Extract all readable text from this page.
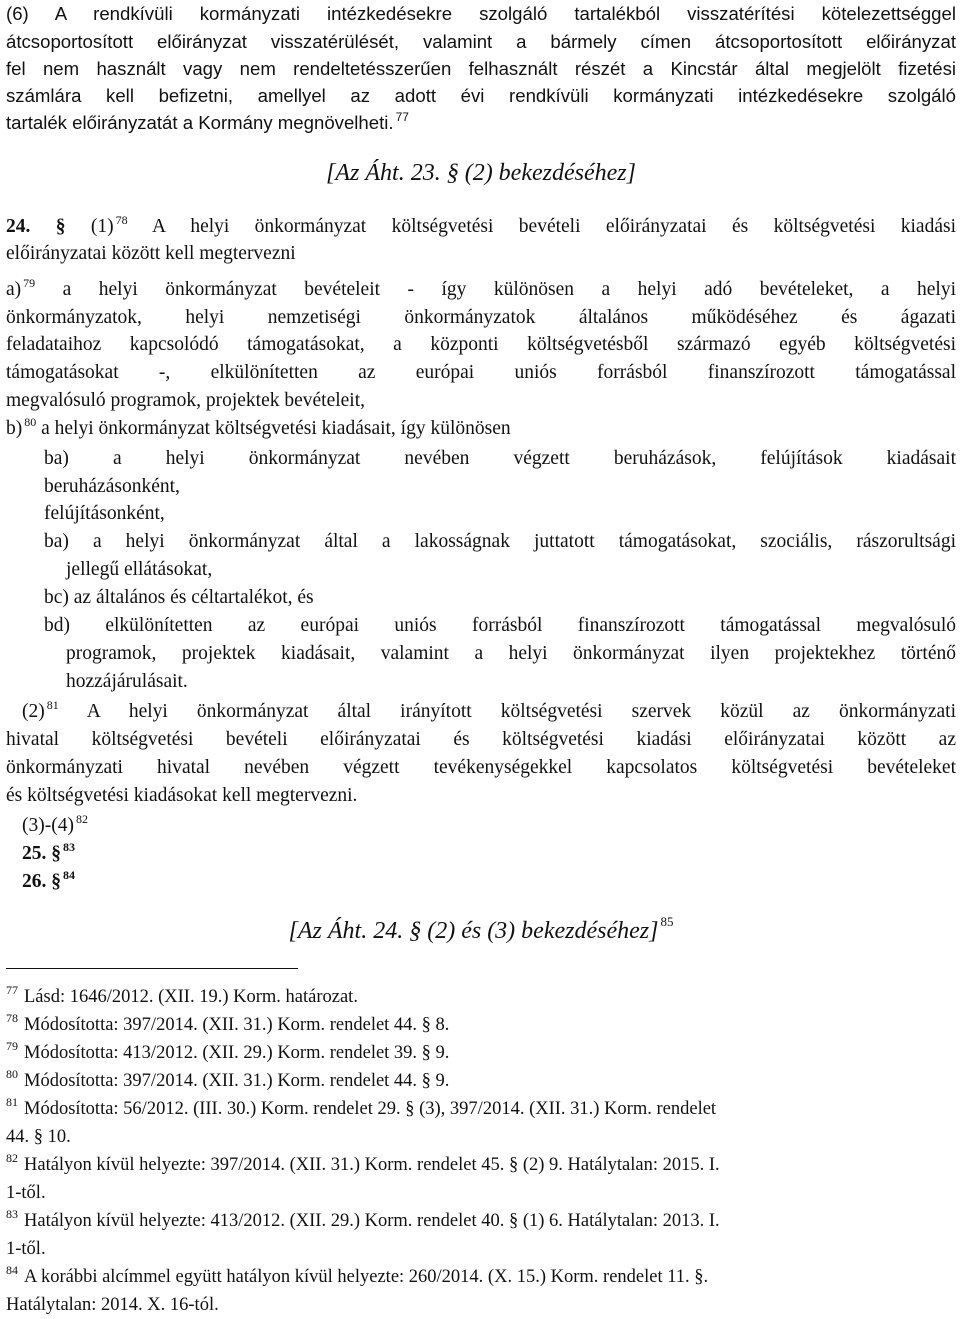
(6) A rendkívüli kormányzati intézkedésekre szolgáló tartalékból visszatérítési kötelezettséggel
átcsoportosított előirányzat visszatérülését, valamint a bármely címen átcsoportosított előirányzat
fel nem használt vagy nem rendeltetésszerűen felhasznált részét a Kincstár által megjelölt fizetési
számlára kell befizetni, amellyel az adott évi rendkívüli kormányzati intézkedésekre szolgáló
tartalék előirányzatát a Kormány megnövelheti. $^{77}$
[Az Áht. 23. § (2) bekezdéséhez]
24. § (1) $^{78}$ A helyi önkormányzat költségvetési bevételi előirányzatai és költségvetési kiadási
előirányzatai között kell megtervezni
a) $^{79}$ a helyi önkormányzat bevételeit - így különösen a helyi adó bevételeket, a helyi
önkormányzatok, helyi nemzetiségi önkormányzatok általános működéséhez és ágazati
feladataihoz kapcsolódó támogatásokat, a központi költségvetésből származó egyéb költségvetési
támogatásokat -, elkülönítetten az európai uniós forrásból finanszírozott támogatással
megvalósuló programok, projektek bevételeit,
b) $^{80}$ a helyi önkormányzat költségvetési kiadásait, így különösen
ba) a helyi önkormányzat nevében végzett beruházások, felújítások kiadásait
beruházásonként,
felújításonként,
ba) a helyi önkormányzat által a lakosságnak juttatott támogatásokat, szociális, rászorultsági
jellegű ellátásokat,
bc) az általános és céltartalékot, és
bd) elkülönítetten az európai uniós forrásból finanszírozott támogatással megvalósuló
programok, projektek kiadásait, valamint a helyi önkormányzat ilyen projektekhez történő
hozzájárulásait.
(2) $^{81}$ A helyi önkormányzat által irányított költségvetési szervek közül az önkormányzati
hivatal költségvetési bevételi előirányzatai és költségvetési kiadási előirányzatai között az
önkormányzati hivatal nevében végzett tevékenységekkel kapcsolatos költségvetési bevételeket
és költségvetési kiadásokat kell megtervezni.
(3)-(4) $^{82}$
25. § $^{83}$
26. § $^{84}$
[Az Áht. 24. § (2) és (3) bekezdéséhez] $^{85}$
$^{77}$ Lásd: 1646/2012. (XII. 19.) Korm. határozat.
$^{78}$ Módosította: 397/2014. (XII. 31.) Korm. rendelet 44. § 8.
$^{79}$ Módosította: 413/2012. (XII. 29.) Korm. rendelet 39. § 9.
$^{80}$ Módosította: 397/2014. (XII. 31.) Korm. rendelet 44. § 9.
$^{81}$ Módosította: 56/2012. (III. 30.) Korm. rendelet 29. § (3), 397/2014. (XII. 31.) Korm. rendelet
44. § 10.
$^{82}$ Hatályon kívül helyezte: 397/2014. (XII. 31.) Korm. rendelet 45. § (2) 9. Hatálytalan: 2015. I.
1-től.
$^{83}$ Hatályon kívül helyezte: 413/2012. (XII. 29.) Korm. rendelet 40. § (1) 6. Hatálytalan: 2013. I.
1-től.
$^{84}$ A korábbi alcímmel együtt hatályon kívül helyezte: 260/2014. (X. 15.) Korm. rendelet 11. §.
Hatálytalan: 2014. X. 16-tól.
